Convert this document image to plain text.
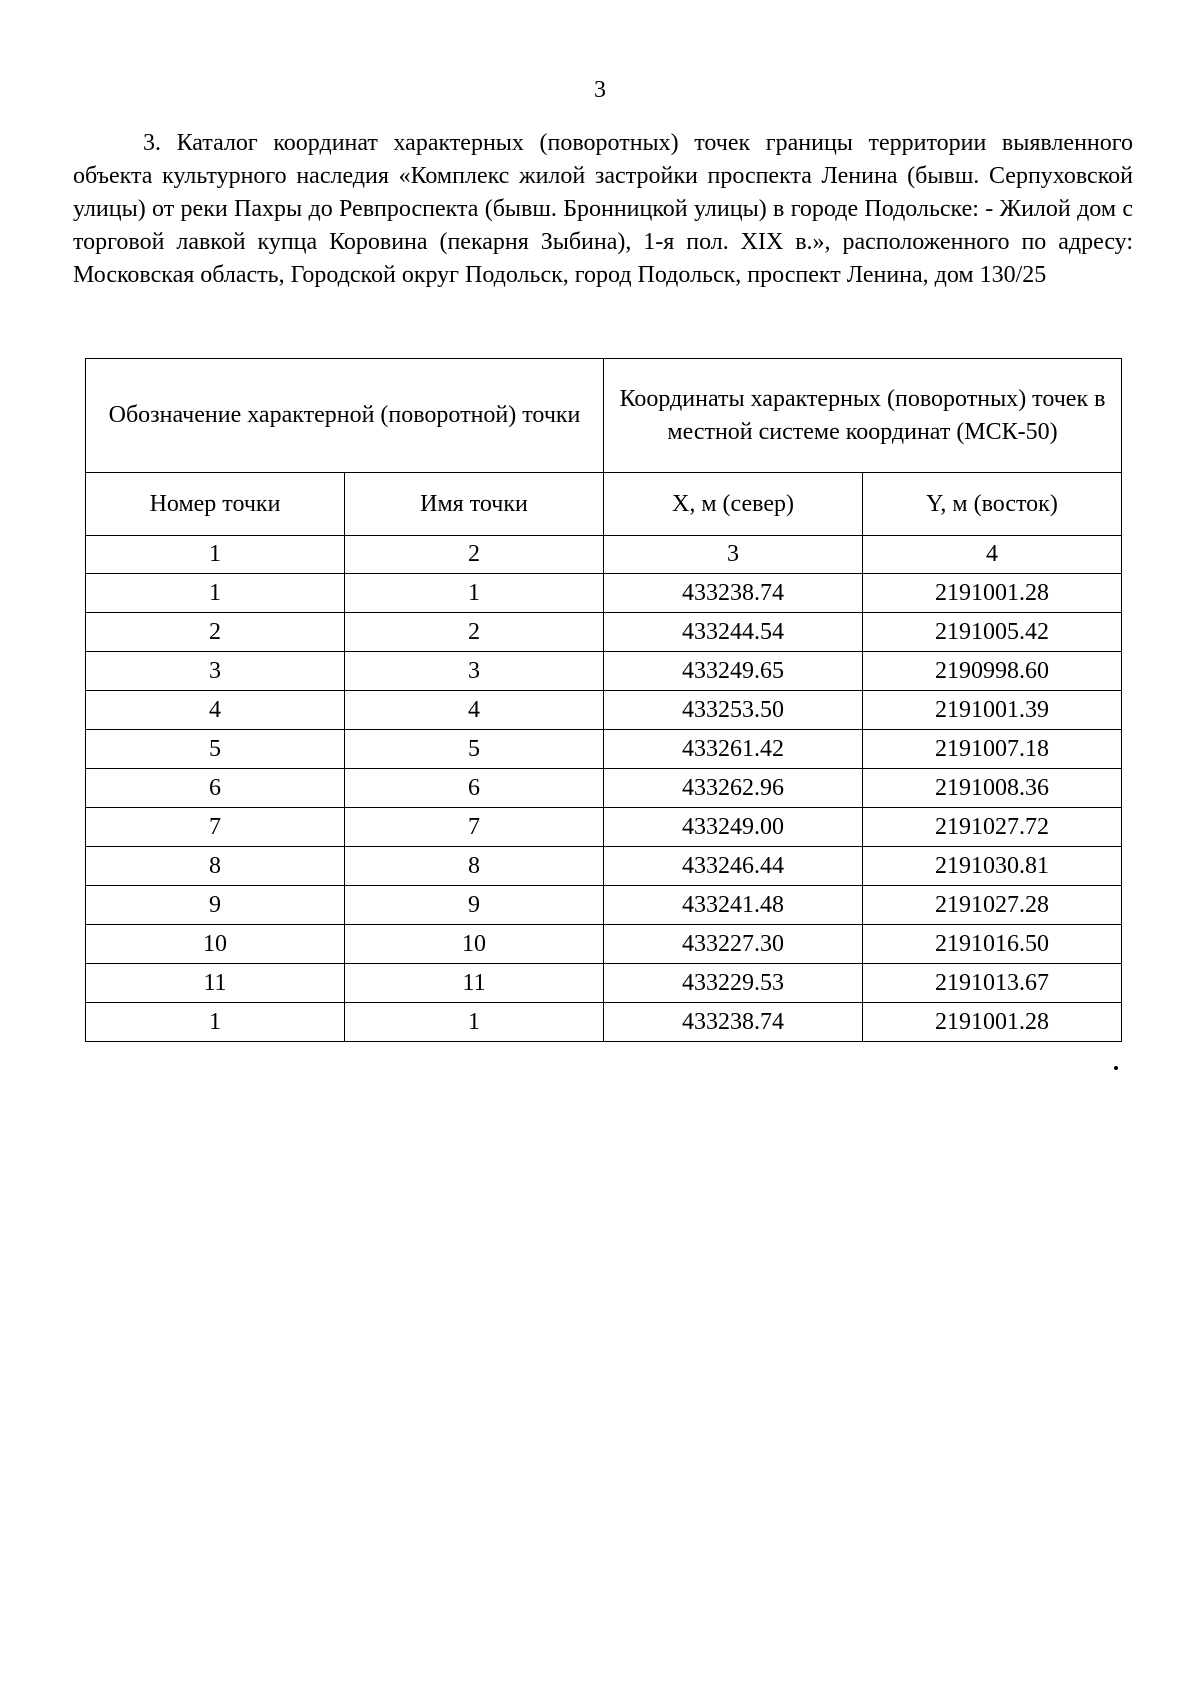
3

3. Каталог координат характерных (поворотных) точек границы территории выявленного объекта культурного наследия «Комплекс жилой застройки проспекта Ленина (бывш. Серпуховской улицы) от реки Пахры до Ревпроспекта (бывш. Бронницкой улицы) в городе Подольске: - Жилой дом с торговой лавкой купца Коровина (пекарня Зыбина), 1-я пол. XIX в.», расположенного по адресу: Московская область, Городской округ Подольск, город Подольск, проспект Ленина, дом 130/25

Обозначение характерной (поворотной) точки		Координаты характерных (поворотных) точек в местной системе координат (МСК-50)	
Номер точки	Имя точки	X, м (север)	Y, м (восток)
1	2	3	4
1	1	433238.74	2191001.28
2	2	433244.54	2191005.42
3	3	433249.65	2190998.60
4	4	433253.50	2191001.39
5	5	433261.42	2191007.18
6	6	433262.96	2191008.36
7	7	433249.00	2191027.72
8	8	433246.44	2191030.81
9	9	433241.48	2191027.28
10	10	433227.30	2191016.50
11	11	433229.53	2191013.67
1	1	433238.74	2191001.28
